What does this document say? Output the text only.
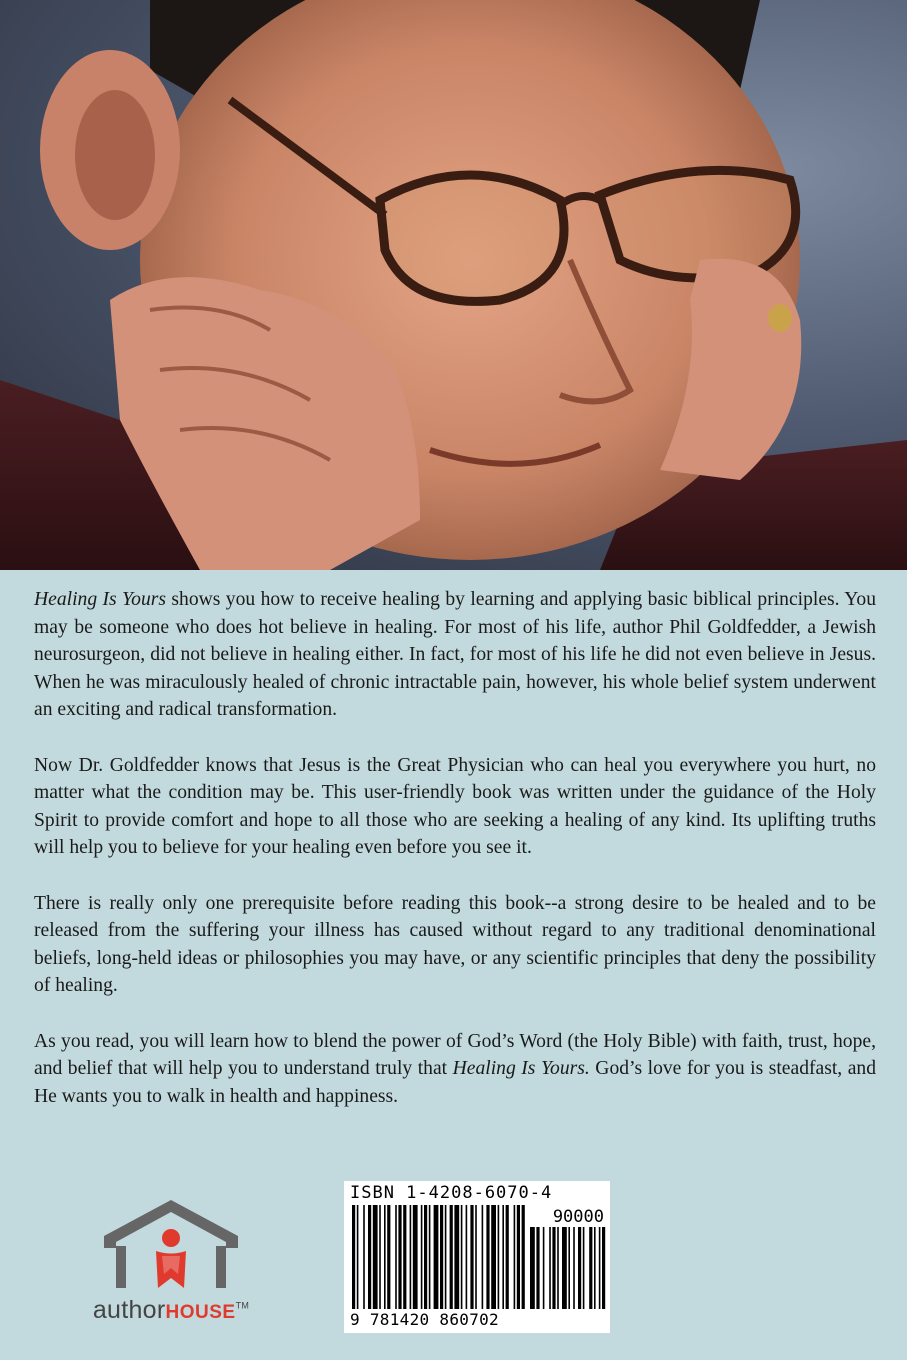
Healing Is Yours shows you how to receive healing by learning and applying basic biblical principles. You may be someone who does hot believe in healing. For most of his life, author Phil Goldfedder, a Jewish neurosurgeon, did not believe in healing either. In fact, for most of his life he did not even believe in Jesus. When he was miraculously healed of chronic intractable pain, however, his whole belief system underwent an exciting and radical transformation.

Now Dr. Goldfedder knows that Jesus is the Great Physician who can heal you everywhere you hurt, no matter what the condition may be. This user-friendly book was written under the guidance of the Holy Spirit to provide comfort and hope to all those who are seeking a healing of any kind. Its uplifting truths will help you to believe for your healing even before you see it.

There is really only one prerequisite before reading this book--a strong desire to be healed and to be released from the suffering your illness has caused without regard to any traditional denominational beliefs, long-held ideas or philosophies you may have, or any scientific principles that deny the possibility of healing.

As you read, you will learn how to blend the power of God’s Word (the Holy Bible) with faith, trust, hope, and belief that will help you to understand truly that Healing Is Yours. God’s love for you is steadfast, and He wants you to walk in health and happiness.

authorHOUSE™
ISBN 1-4208-6070-4
90000
9 781420 860702
